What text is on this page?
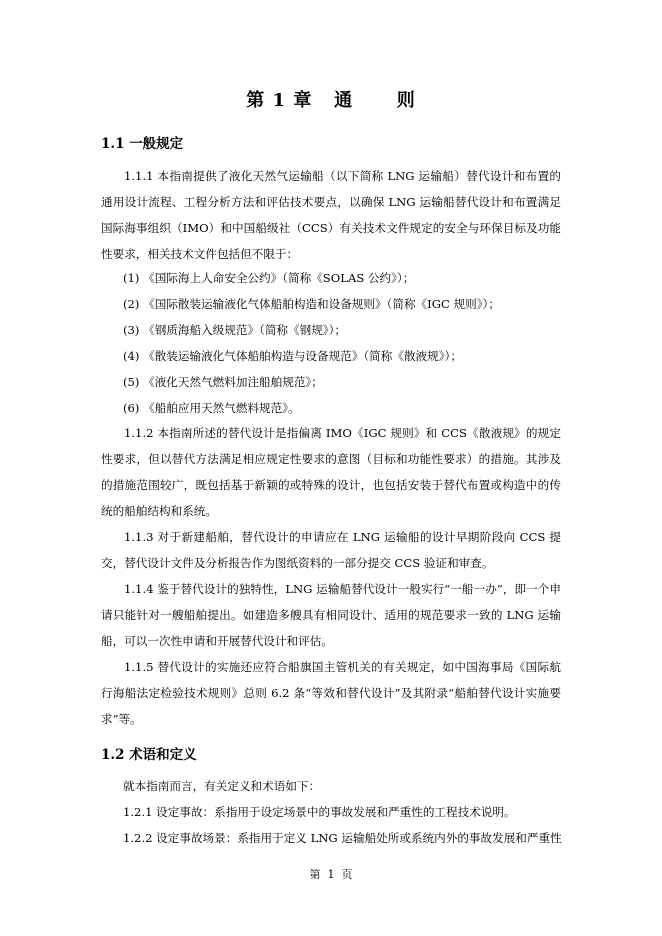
第 1 章   通      则
1.1 一般规定

1.1.1 本指南提供了液化天然气运输船（以下简称 LNG 运输船）替代设计和布置的通用设计流程、工程分析方法和评估技术要点，以确保 LNG 运输船替代设计和布置满足国际海事组织（IMO）和中国船级社（CCS）有关技术文件规定的安全与环保目标及功能性要求，相关技术文件包括但不限于：

(1) 《国际海上人命安全公约》（简称《SOLAS 公约》）；
(2) 《国际散装运输液化气体船舶构造和设备规则》（简称《IGC 规则》）；
(3) 《钢质海船入级规范》（简称《钢规》）；
(4) 《散装运输液化气体船舶构造与设备规范》（简称《散液规》）；
(5) 《液化天然气燃料加注船舶规范》；
(6) 《船舶应用天然气燃料规范》。

1.1.2 本指南所述的替代设计是指偏离 IMO《IGC 规则》和 CCS《散液规》的规定性要求，但以替代方法满足相应规定性要求的意图（目标和功能性要求）的措施。其涉及的措施范围较广，既包括基于新颖的或特殊的设计，也包括安装于替代布置或构造中的传统的船舶结构和系统。

1.1.3 对于新建船舶，替代设计的申请应在 LNG 运输船的设计早期阶段向 CCS 提交，替代设计文件及分析报告作为图纸资料的一部分提交 CCS 验证和审查。

1.1.4 鉴于替代设计的独特性，LNG 运输船替代设计一般实行“一船一办”，即一个申请只能针对一艘船舶提出。如建造多艘具有相同设计、适用的规范要求一致的 LNG 运输船，可以一次性申请和开展替代设计和评估。

1.1.5 替代设计的实施还应符合船旗国主管机关的有关规定，如中国海事局《国际航行海船法定检验技术规则》总则 6.2 条“等效和替代设计”及其附录“船舶替代设计实施要求”等。

1.2 术语和定义
就本指南而言，有关定义和术语如下：
1.2.1 设定事故：系指用于设定场景中的事故发展和严重性的工程技术说明。
1.2.2 设定事故场景：系指用于定义 LNG 运输船处所或系统内外的事故发展和严重性
第  1  页
